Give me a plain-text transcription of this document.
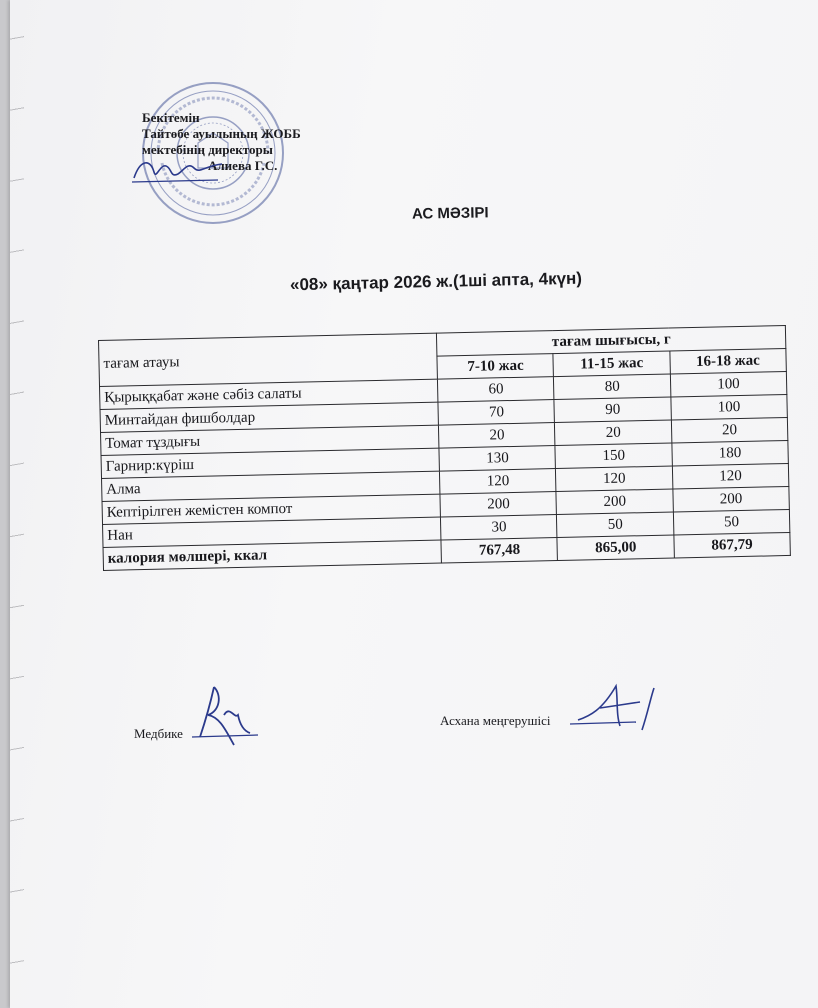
Бекітемін
Тайтөбе ауылының ЖОББ
мектебінің директоры
Алиева Г.С.
АС МӘЗІРІ
«08» қаңтар 2026 ж.(1ші апта, 4күн)
тағам атауы	тағам шығысы, г		
	7-10 жас	11-15 жас	16-18 жас
Қырыққабат және сәбіз салаты	60	80	100
Минтайдан фишболдар	70	90	100
Томат тұздығы	20	20	20
Гарнир:күріш	130	150	180
Алма	120	120	120
Кептірілген жемістен компот	200	200	200
Нан	30	50	50
калория мөлшері, ккал	767,48	865,00	867,79
Медбике
Асхана меңгерушісі
